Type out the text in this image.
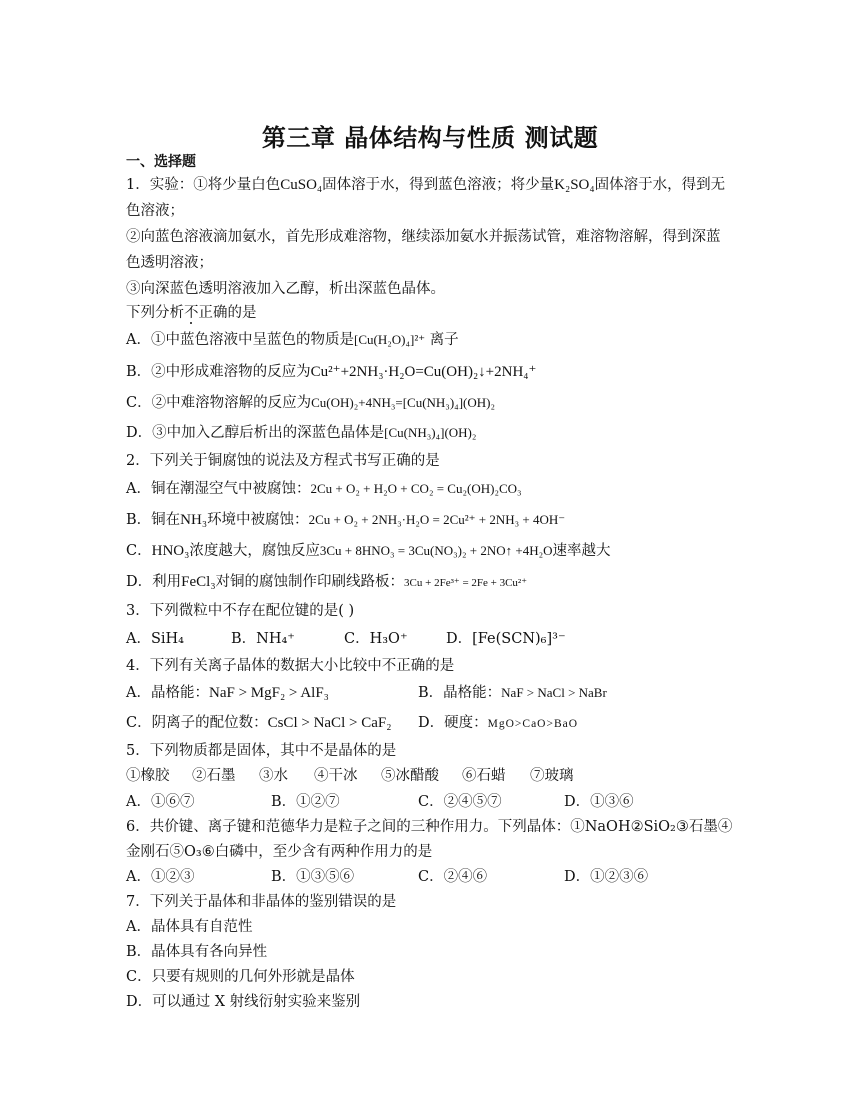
第三章 晶体结构与性质 测试题
一、选择题
1．实验：①将少量白色CuSO₄固体溶于水，得到蓝色溶液；将少量K₂SO₄固体溶于水，得到无
色溶液；
②向蓝色溶液滴加氨水，首先形成难溶物，继续添加氨水并振荡试管，难溶物溶解，得到深蓝
色透明溶液；
③向深蓝色透明溶液加入乙醇，析出深蓝色晶体。
下列分析不正确的是
A．①中蓝色溶液中呈蓝色的物质是[Cu(H₂O)₄]²⁺ 离子
B．②中形成难溶物的反应为Cu²⁺+2NH₃·H₂O=Cu(OH)₂↓+2NH₄⁺
C．②中难溶物溶解的反应为Cu(OH)₂+4NH₃=[Cu(NH₃)₄](OH)₂
D．③中加入乙醇后析出的深蓝色晶体是[Cu(NH₃)₄](OH)₂
2．下列关于铜腐蚀的说法及方程式书写正确的是
A．铜在潮湿空气中被腐蚀：2Cu + O₂ + H₂O + CO₂ = Cu₂(OH)₂CO₃
B．铜在NH₃环境中被腐蚀：2Cu + O₂ + 2NH₃·H₂O = 2Cu²⁺ + 2NH₃ + 4OH⁻
C．HNO₃浓度越大，腐蚀反应3Cu + 8HNO₃ = 3Cu(NO₃)₂ + 2NO↑ +4H₂O速率越大
D．利用FeCl₃对铜的腐蚀制作印刷线路板：3Cu + 2Fe³⁺ = 2Fe + 3Cu²⁺
3．下列微粒中不存在配位键的是( )
A．SiH₄	B．NH₄⁺	C．H₃O⁺	D．[Fe(SCN)₆]³⁻
4．下列有关离子晶体的数据大小比较中不正确的是
A．晶格能：NaF > MgF₂ > AlF₃	B．晶格能：NaF > NaCl > NaBr
C．阴离子的配位数：CsCl > NaCl > CaF₂ D．硬度：MgO>CaO>BaO
5．下列物质都是固体，其中不是晶体的是
①橡胶 ②石墨 ③水 ④干冰 ⑤冰醋酸 ⑥石蜡 ⑦玻璃
A．①⑥⑦	B．①②⑦	C．②④⑤⑦	D．①③⑥
6．共价键、离子键和范德华力是粒子之间的三种作用力。下列晶体：①NaOH②SiO₂③石墨④
金刚石⑤O₃⑥白磷中，至少含有两种作用力的是
A．①②③	B．①③⑤⑥	C．②④⑥	D．①②③⑥
7．下列关于晶体和非晶体的鉴别错误的是
A．晶体具有自范性
B．晶体具有各向异性
C．只要有规则的几何外形就是晶体
D．可以通过 X 射线衍射实验来鉴别
